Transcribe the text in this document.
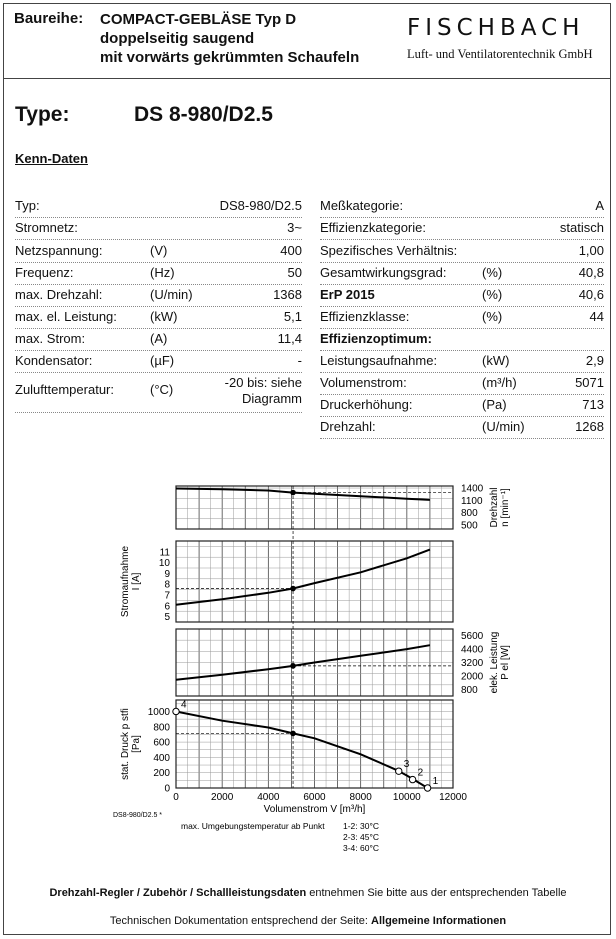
Baureihe: COMPACT-GEBLÄSE Typ D
doppelseitig saugend
mit vorwärts gekrümmten Schaufeln
FISCHBACH
Luft- und Ventilatorentechnik GmbH
Type:	DS 8-980/D2.5
Kenn-Daten
Typ:	DS8-980/D2.5
Stromnetz:	3~
Netzspannung:	(V)	400
Frequenz:	(Hz)	50
max. Drehzahl:	(U/min)	1368
max. el. Leistung:	(kW)	5,1
max. Strom:	(A)	11,4
Kondensator:	(µF)	-
Zulufttemperatur:	(°C)	-20 bis: siehe
Diagramm
Meßkategorie:	A
Effizienzkategorie:	statisch
Spezifisches Verhältnis:	1,00
Gesamtwirkungsgrad:	(%)	40,8
ErP 2015	(%)	40,6
Effizienzklasse:	(%)	44
Effizienzoptimum:
Leistungsaufnahme:	(kW)	2,9
Volumenstrom:	(m³/h)	5071
Druckerhöhung:	(Pa)	713
Drehzahl:	(U/min)	1268
1400
1100
800
500 Drehzahl n [min⁻¹]
11
10
9
8
7
6
5
Stromaufnahme I [A]
5600
4400
3200
2000
800 elek. Leistung P el [W]
1000
800
600
400
200
0
stat. Druck p stfi [Pa]
0	2000 4000 6000 8000 10000 12000
Volumenstrom V [m³/h]
1
2
3
4
DS8-980/D2.5 *
max. Umgebungstemperatur ab Punkt 1-2: 30°C
2-3: 45°C
3-4: 60°C
Drehzahl-Regler / Zubehör / Schallleistungsdaten entnehmen Sie bitte aus der entsprechenden Tabelle
Technischen Dokumentation entsprechend der Seite: Allgemeine Informationen
